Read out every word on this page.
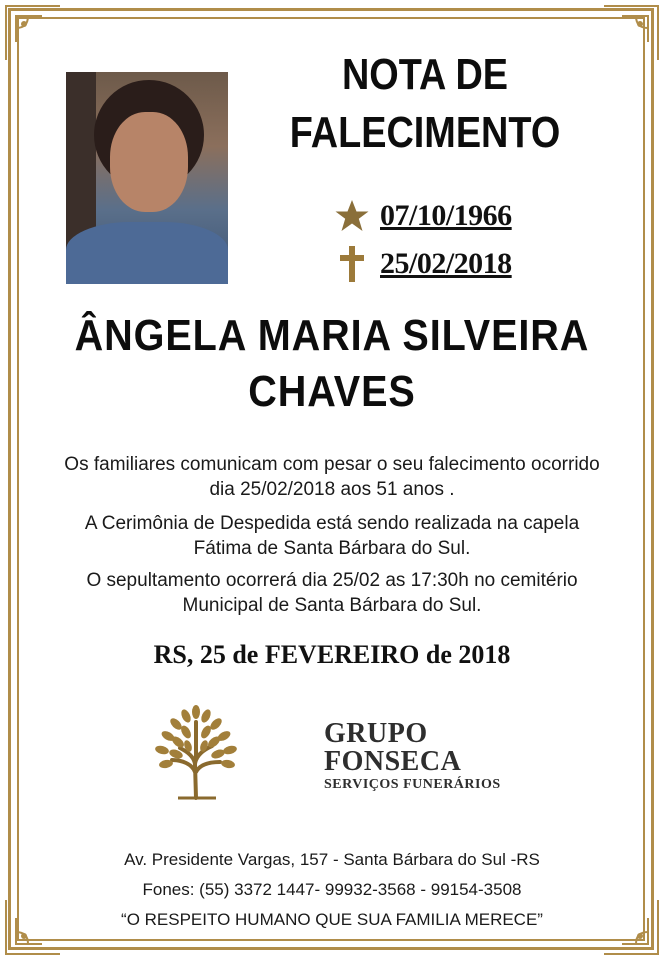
NOTA DE
FALECIMENTO
07/10/1966
25/02/2018
ÂNGELA MARIA SILVEIRA
CHAVES
Os familiares comunicam com pesar o seu falecimento ocorrido
dia 25/02/2018 aos 51 anos .
A Cerimônia de Despedida está sendo realizada na capela
Fátima de Santa Bárbara do Sul.
O sepultamento ocorrerá dia 25/02 as 17:30h no cemitério
Municipal de Santa Bárbara do Sul.
RS, 25 de FEVEREIRO de 2018
GRUPO
FONSECA
SERVIÇOS FUNERÁRIOS
Av. Presidente Vargas, 157 - Santa Bárbara do Sul -RS
Fones: (55) 3372 1447- 99932-3568 - 99154-3508
“O RESPEITO HUMANO QUE SUA FAMILIA MERECE”
